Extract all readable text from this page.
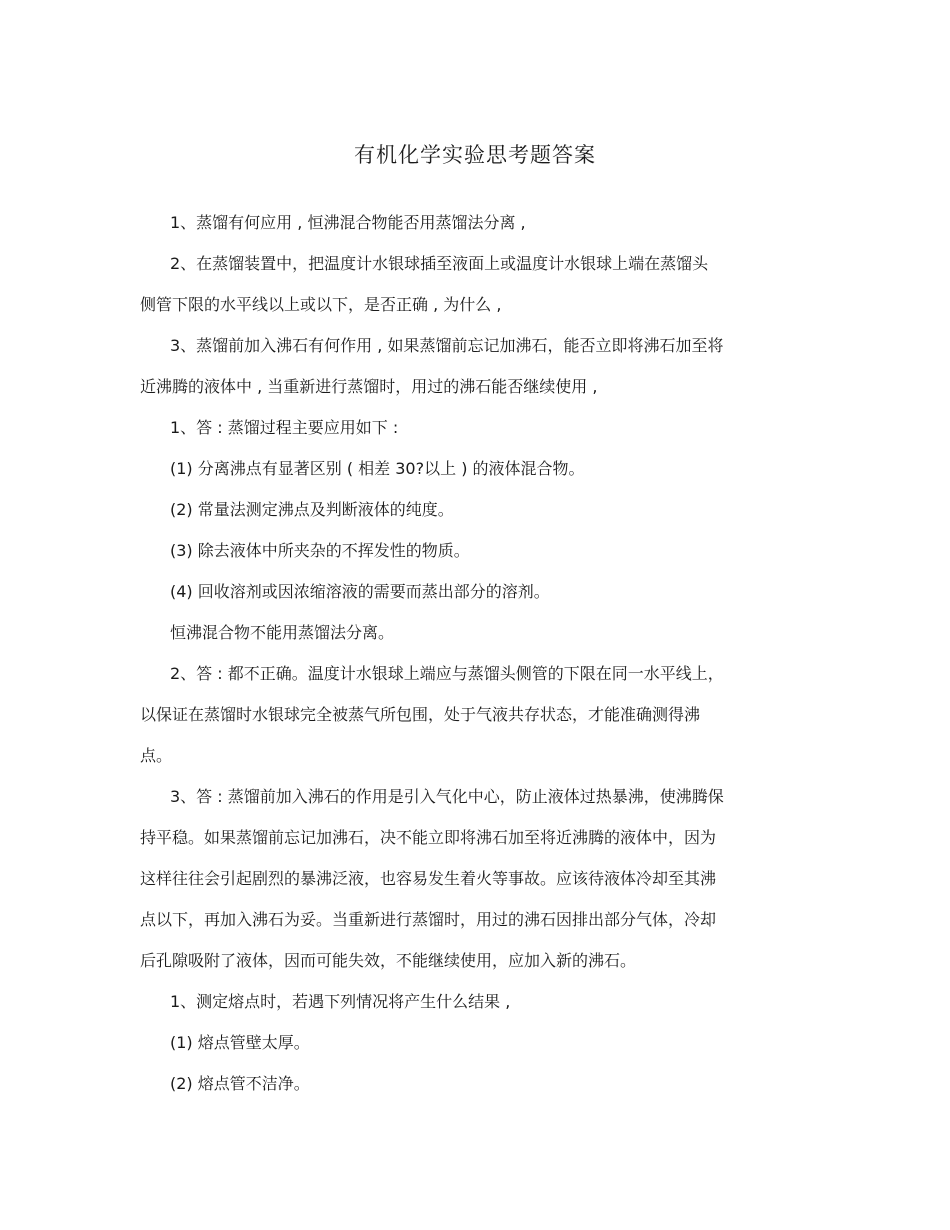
有机化学实验思考题答案
1、蒸馏有何应用 , 恒沸混合物能否用蒸馏法分离 ,
2、在蒸馏装置中，把温度计水银球插至液面上或温度计水银球上端在蒸馏头
侧管下限的水平线以上或以下，是否正确 , 为什么 ,
3、蒸馏前加入沸石有何作用 , 如果蒸馏前忘记加沸石，能否立即将沸石加至将
近沸腾的液体中 , 当重新进行蒸馏时，用过的沸石能否继续使用 ,
1、答 : 蒸馏过程主要应用如下 :
(1) 分离沸点有显著区别 ( 相差 30?以上 ) 的液体混合物。
(2) 常量法测定沸点及判断液体的纯度。
(3) 除去液体中所夹杂的不挥发性的物质。
(4) 回收溶剂或因浓缩溶液的需要而蒸出部分的溶剂。
恒沸混合物不能用蒸馏法分离。
2、答 : 都不正确。温度计水银球上端应与蒸馏头侧管的下限在同一水平线上，
以保证在蒸馏时水银球完全被蒸气所包围，处于气液共存状态，才能准确测得沸
点。
3、答 : 蒸馏前加入沸石的作用是引入气化中心，防止液体过热暴沸，使沸腾保
持平稳。如果蒸馏前忘记加沸石，决不能立即将沸石加至将近沸腾的液体中，因为
这样往往会引起剧烈的暴沸泛液，也容易发生着火等事故。应该待液体冷却至其沸
点以下，再加入沸石为妥。当重新进行蒸馏时，用过的沸石因排出部分气体，冷却
后孔隙吸附了液体，因而可能失效，不能继续使用，应加入新的沸石。
1、测定熔点时，若遇下列情况将产生什么结果 ,
(1) 熔点管壁太厚。
(2) 熔点管不洁净。
